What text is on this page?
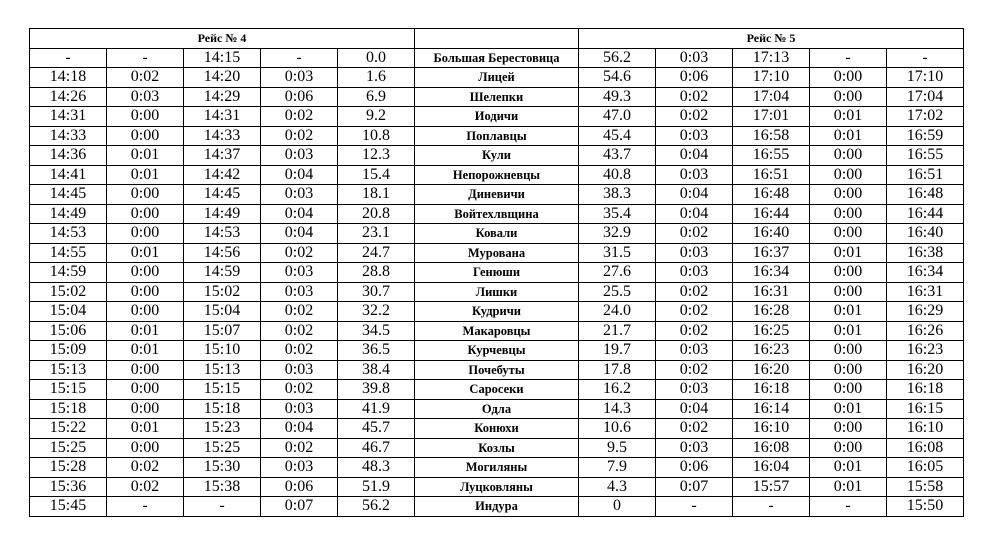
Рейс № 4						Рейс № 5				
-	-	14:15	-	0.0	Большая Берестовица	56.2	0:03	17:13	-	-
14:18	0:02	14:20	0:03	1.6	Лицей	54.6	0:06	17:10	0:00	17:10
14:26	0:03	14:29	0:06	6.9	Шелепки	49.3	0:02	17:04	0:00	17:04
14:31	0:00	14:31	0:02	9.2	Иодичи	47.0	0:02	17:01	0:01	17:02
14:33	0:00	14:33	0:02	10.8	Поплавцы	45.4	0:03	16:58	0:01	16:59
14:36	0:01	14:37	0:03	12.3	Кули	43.7	0:04	16:55	0:00	16:55
14:41	0:01	14:42	0:04	15.4	Непорожневцы	40.8	0:03	16:51	0:00	16:51
14:45	0:00	14:45	0:03	18.1	Диневичи	38.3	0:04	16:48	0:00	16:48
14:49	0:00	14:49	0:04	20.8	Войтехлвщина	35.4	0:04	16:44	0:00	16:44
14:53	0:00	14:53	0:04	23.1	Ковали	32.9	0:02	16:40	0:00	16:40
14:55	0:01	14:56	0:02	24.7	Мурована	31.5	0:03	16:37	0:01	16:38
14:59	0:00	14:59	0:03	28.8	Генюши	27.6	0:03	16:34	0:00	16:34
15:02	0:00	15:02	0:03	30.7	Лишки	25.5	0:02	16:31	0:00	16:31
15:04	0:00	15:04	0:02	32.2	Кудричи	24.0	0:02	16:28	0:01	16:29
15:06	0:01	15:07	0:02	34.5	Макаровцы	21.7	0:02	16:25	0:01	16:26
15:09	0:01	15:10	0:02	36.5	Курчевцы	19.7	0:03	16:23	0:00	16:23
15:13	0:00	15:13	0:03	38.4	Почебуты	17.8	0:02	16:20	0:00	16:20
15:15	0:00	15:15	0:02	39.8	Саросеки	16.2	0:03	16:18	0:00	16:18
15:18	0:00	15:18	0:03	41.9	Одла	14.3	0:04	16:14	0:01	16:15
15:22	0:01	15:23	0:04	45.7	Конюхи	10.6	0:02	16:10	0:00	16:10
15:25	0:00	15:25	0:02	46.7	Козлы	9.5	0:03	16:08	0:00	16:08
15:28	0:02	15:30	0:03	48.3	Могиляны	7.9	0:06	16:04	0:01	16:05
15:36	0:02	15:38	0:06	51.9	Луцковляны	4.3	0:07	15:57	0:01	15:58
15:45	-	-	0:07	56.2	Индура	0	-	-	-	15:50
